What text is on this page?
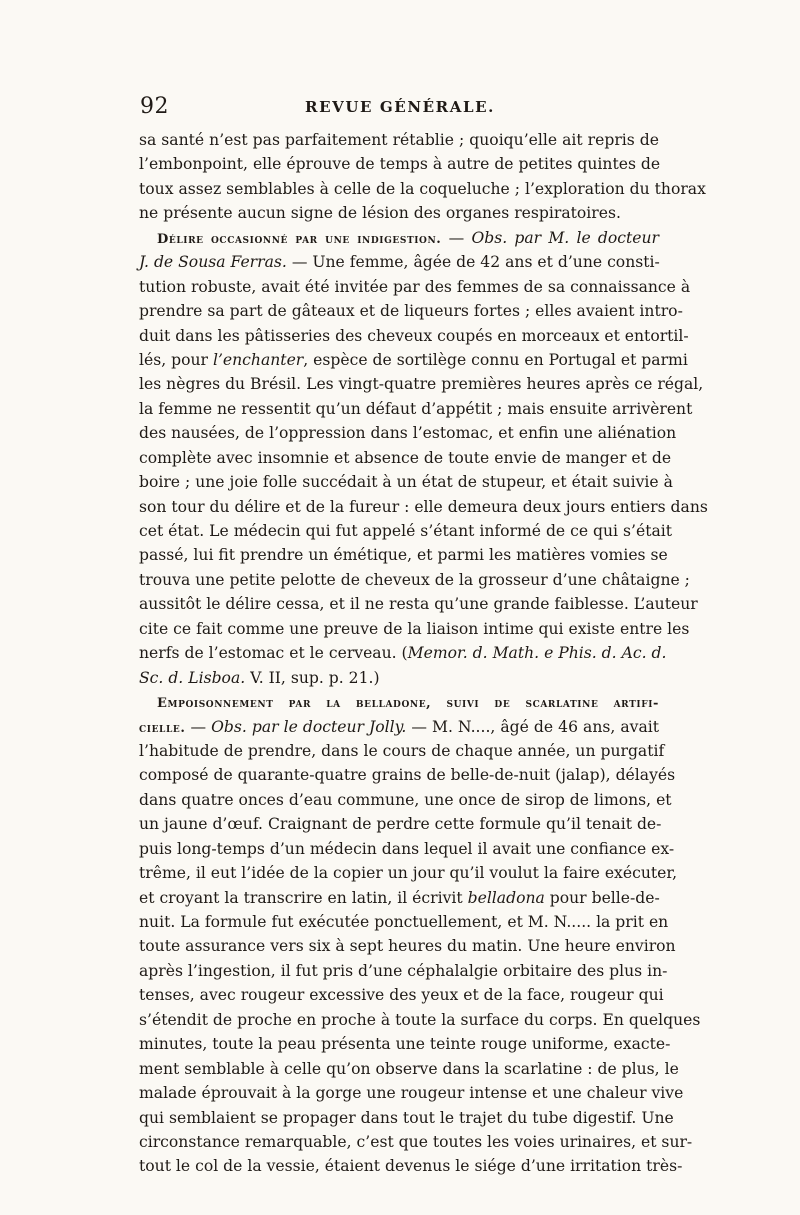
92	REVUE GÉNÉRALE.
sa santé n’est pas parfaitement rétablie ; quoiqu’elle ait repris de
l’embonpoint, elle éprouve de temps à autre de petites quintes de
toux assez semblables à celle de la coqueluche ; l’exploration du thorax
ne présente aucun signe de lésion des organes respiratoires.
Délire occasionné par une indigestion. — Obs. par M. le docteur
J. de Sousa Ferras. — Une femme, âgée de 42 ans et d’une consti-
tution robuste, avait été invitée par des femmes de sa connaissance à
prendre sa part de gâteaux et de liqueurs fortes ; elles avaient intro-
duit dans les pâtisseries des cheveux coupés en morceaux et entortil-
lés, pour l’enchanter, espèce de sortilège connu en Portugal et parmi
les nègres du Brésil. Les vingt-quatre premières heures après ce régal,
la femme ne ressentit qu’un défaut d’appétit ; mais ensuite arrivèrent
des nausées, de l’oppression dans l’estomac, et enfin une aliénation
complète avec insomnie et absence de toute envie de manger et de
boire ; une joie folle succédait à un état de stupeur, et était suivie à
son tour du délire et de la fureur : elle demeura deux jours entiers dans
cet état. Le médecin qui fut appelé s’étant informé de ce qui s’était
passé, lui fit prendre un émétique, et parmi les matières vomies se
trouva une petite pelotte de cheveux de la grosseur d’une châtaigne ;
aussitôt le délire cessa, et il ne resta qu’une grande faiblesse. L’auteur
cite ce fait comme une preuve de la liaison intime qui existe entre les
nerfs de l’estomac et le cerveau. (Memor. d. Math. e Phis. d. Ac. d.
Sc. d. Lisboa. V. II, sup. p. 21.)
Empoisonnement par la belladone, suivi de scarlatine artifi-
cielle. — Obs. par le docteur Jolly. — M. N...., âgé de 46 ans, avait
l’habitude de prendre, dans le cours de chaque année, un purgatif
composé de quarante-quatre grains de belle-de-nuit (jalap), délayés
dans quatre onces d’eau commune, une once de sirop de limons, et
un jaune d’œuf. Craignant de perdre cette formule qu’il tenait de-
puis long-temps d’un médecin dans lequel il avait une confiance ex-
trême, il eut l’idée de la copier un jour qu’il voulut la faire exécuter,
et croyant la transcrire en latin, il écrivit belladona pour belle-de-
nuit. La formule fut exécutée ponctuellement, et M. N..... la prit en
toute assurance vers six à sept heures du matin. Une heure environ
après l’ingestion, il fut pris d’une céphalalgie orbitaire des plus in-
tenses, avec rougeur excessive des yeux et de la face, rougeur qui
s’étendit de proche en proche à toute la surface du corps. En quelques
minutes, toute la peau présenta une teinte rouge uniforme, exacte-
ment semblable à celle qu’on observe dans la scarlatine : de plus, le
malade éprouvait à la gorge une rougeur intense et une chaleur vive
qui semblaient se propager dans tout le trajet du tube digestif. Une
circonstance remarquable, c’est que toutes les voies urinaires, et sur-
tout le col de la vessie, étaient devenus le siége d’une irritation très-
